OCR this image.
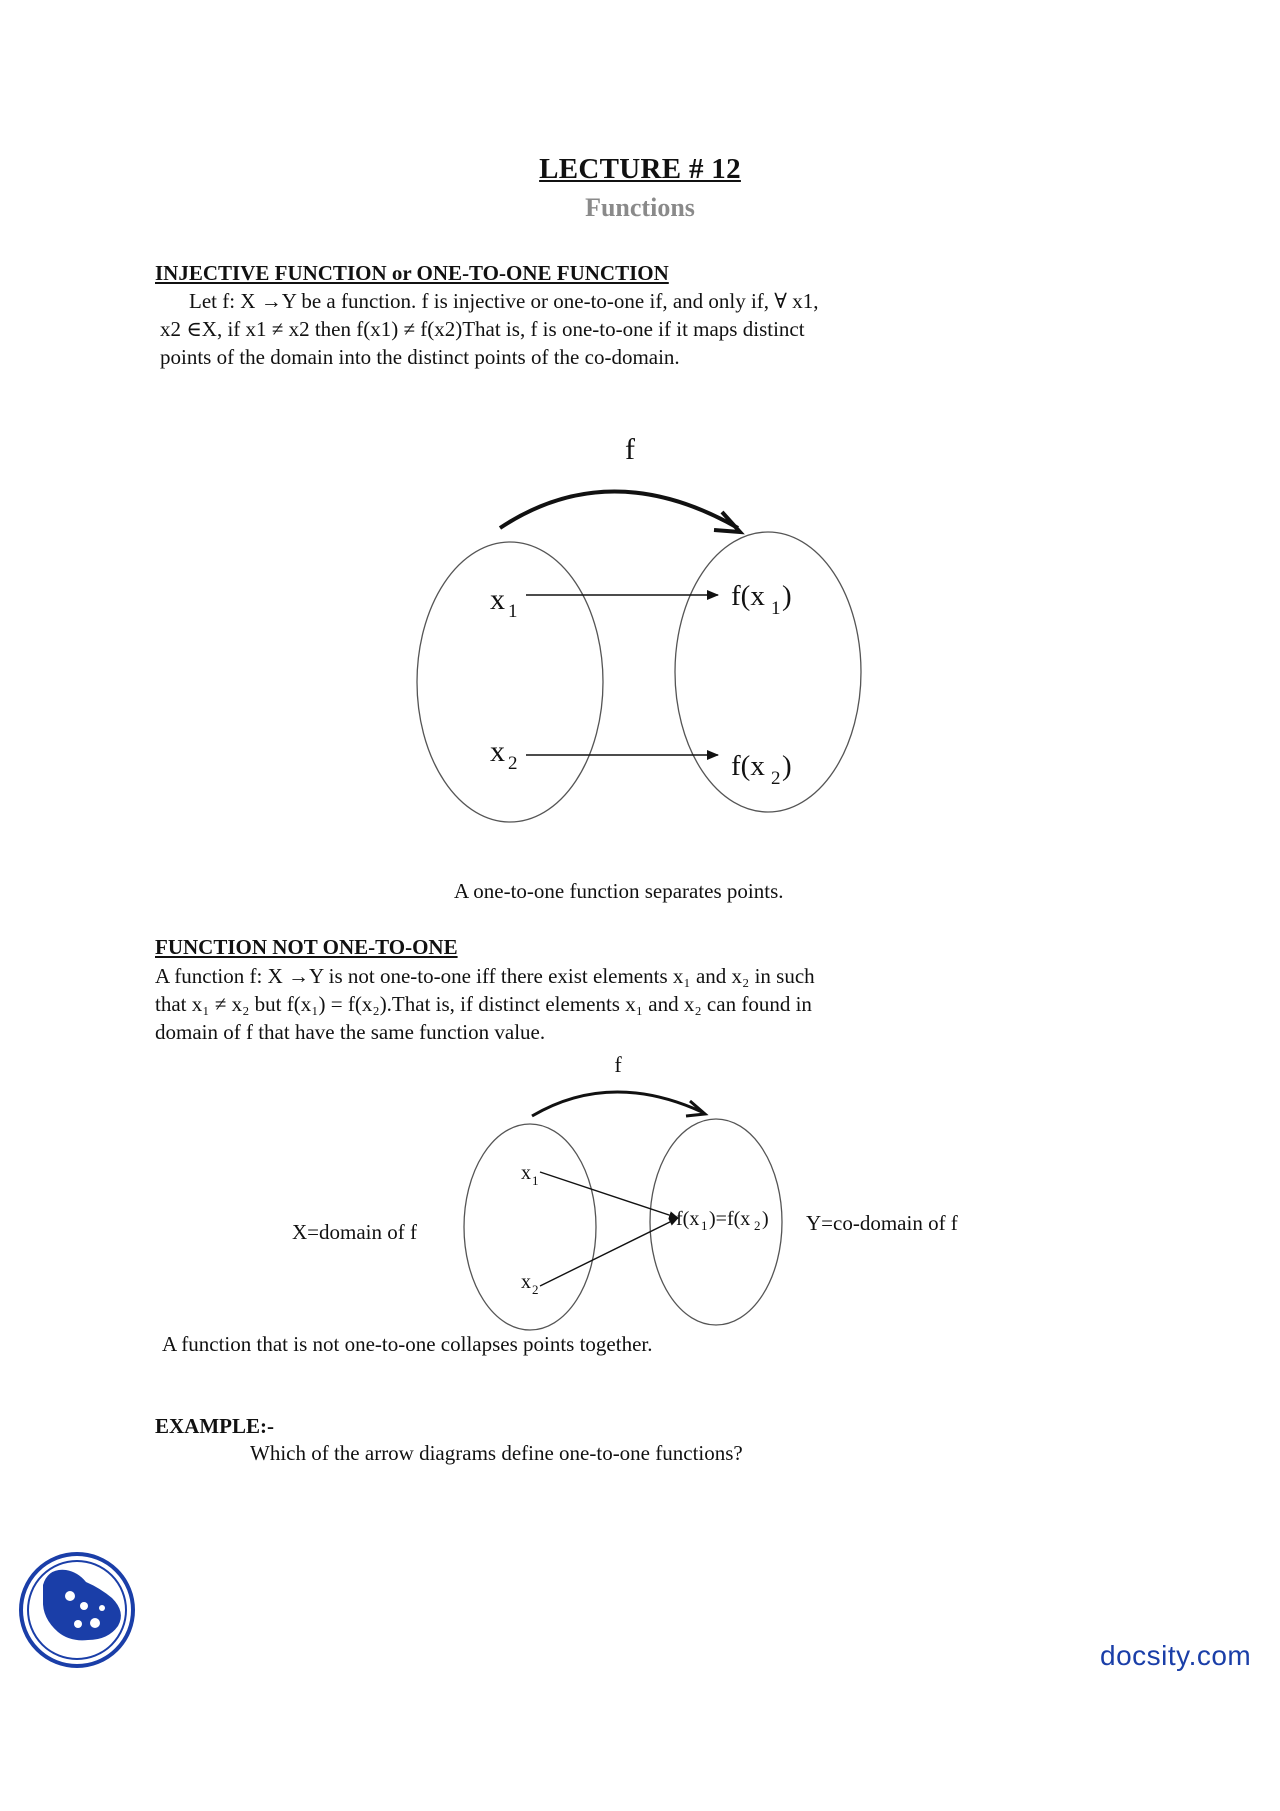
LECTURE # 12
Functions
INJECTIVE FUNCTION or ONE-TO-ONE FUNCTION
Let f: X →Y be a function. f is injective or one-to-one if, and only if, ∀ x1,
x2 ∈X, if x1 ≠ x2 then f(x1) ≠ f(x2)That is, f is one-to-one if it maps distinct
points of the domain into the distinct points of the co-domain.
f
x 1	f(x 1 )
x 2	f(x 2 )
f
x 1
x 2
f(x 1 )=f(x 2 )
X=domain of f	Y=co-domain of f
A one-to-one function separates points.
FUNCTION NOT ONE-TO-ONE
A function f: X →Y is not one-to-one iff there exist elements x₁ and x₂ in such
that x₁ ≠ x₂ but f(x₁) = f(x₂).That is, if distinct elements x₁ and x₂ can found in
domain of f that have the same function value.
A function that is not one-to-one collapses points together.
EXAMPLE:-
Which of the arrow diagrams define one-to-one functions?
docsity.com
